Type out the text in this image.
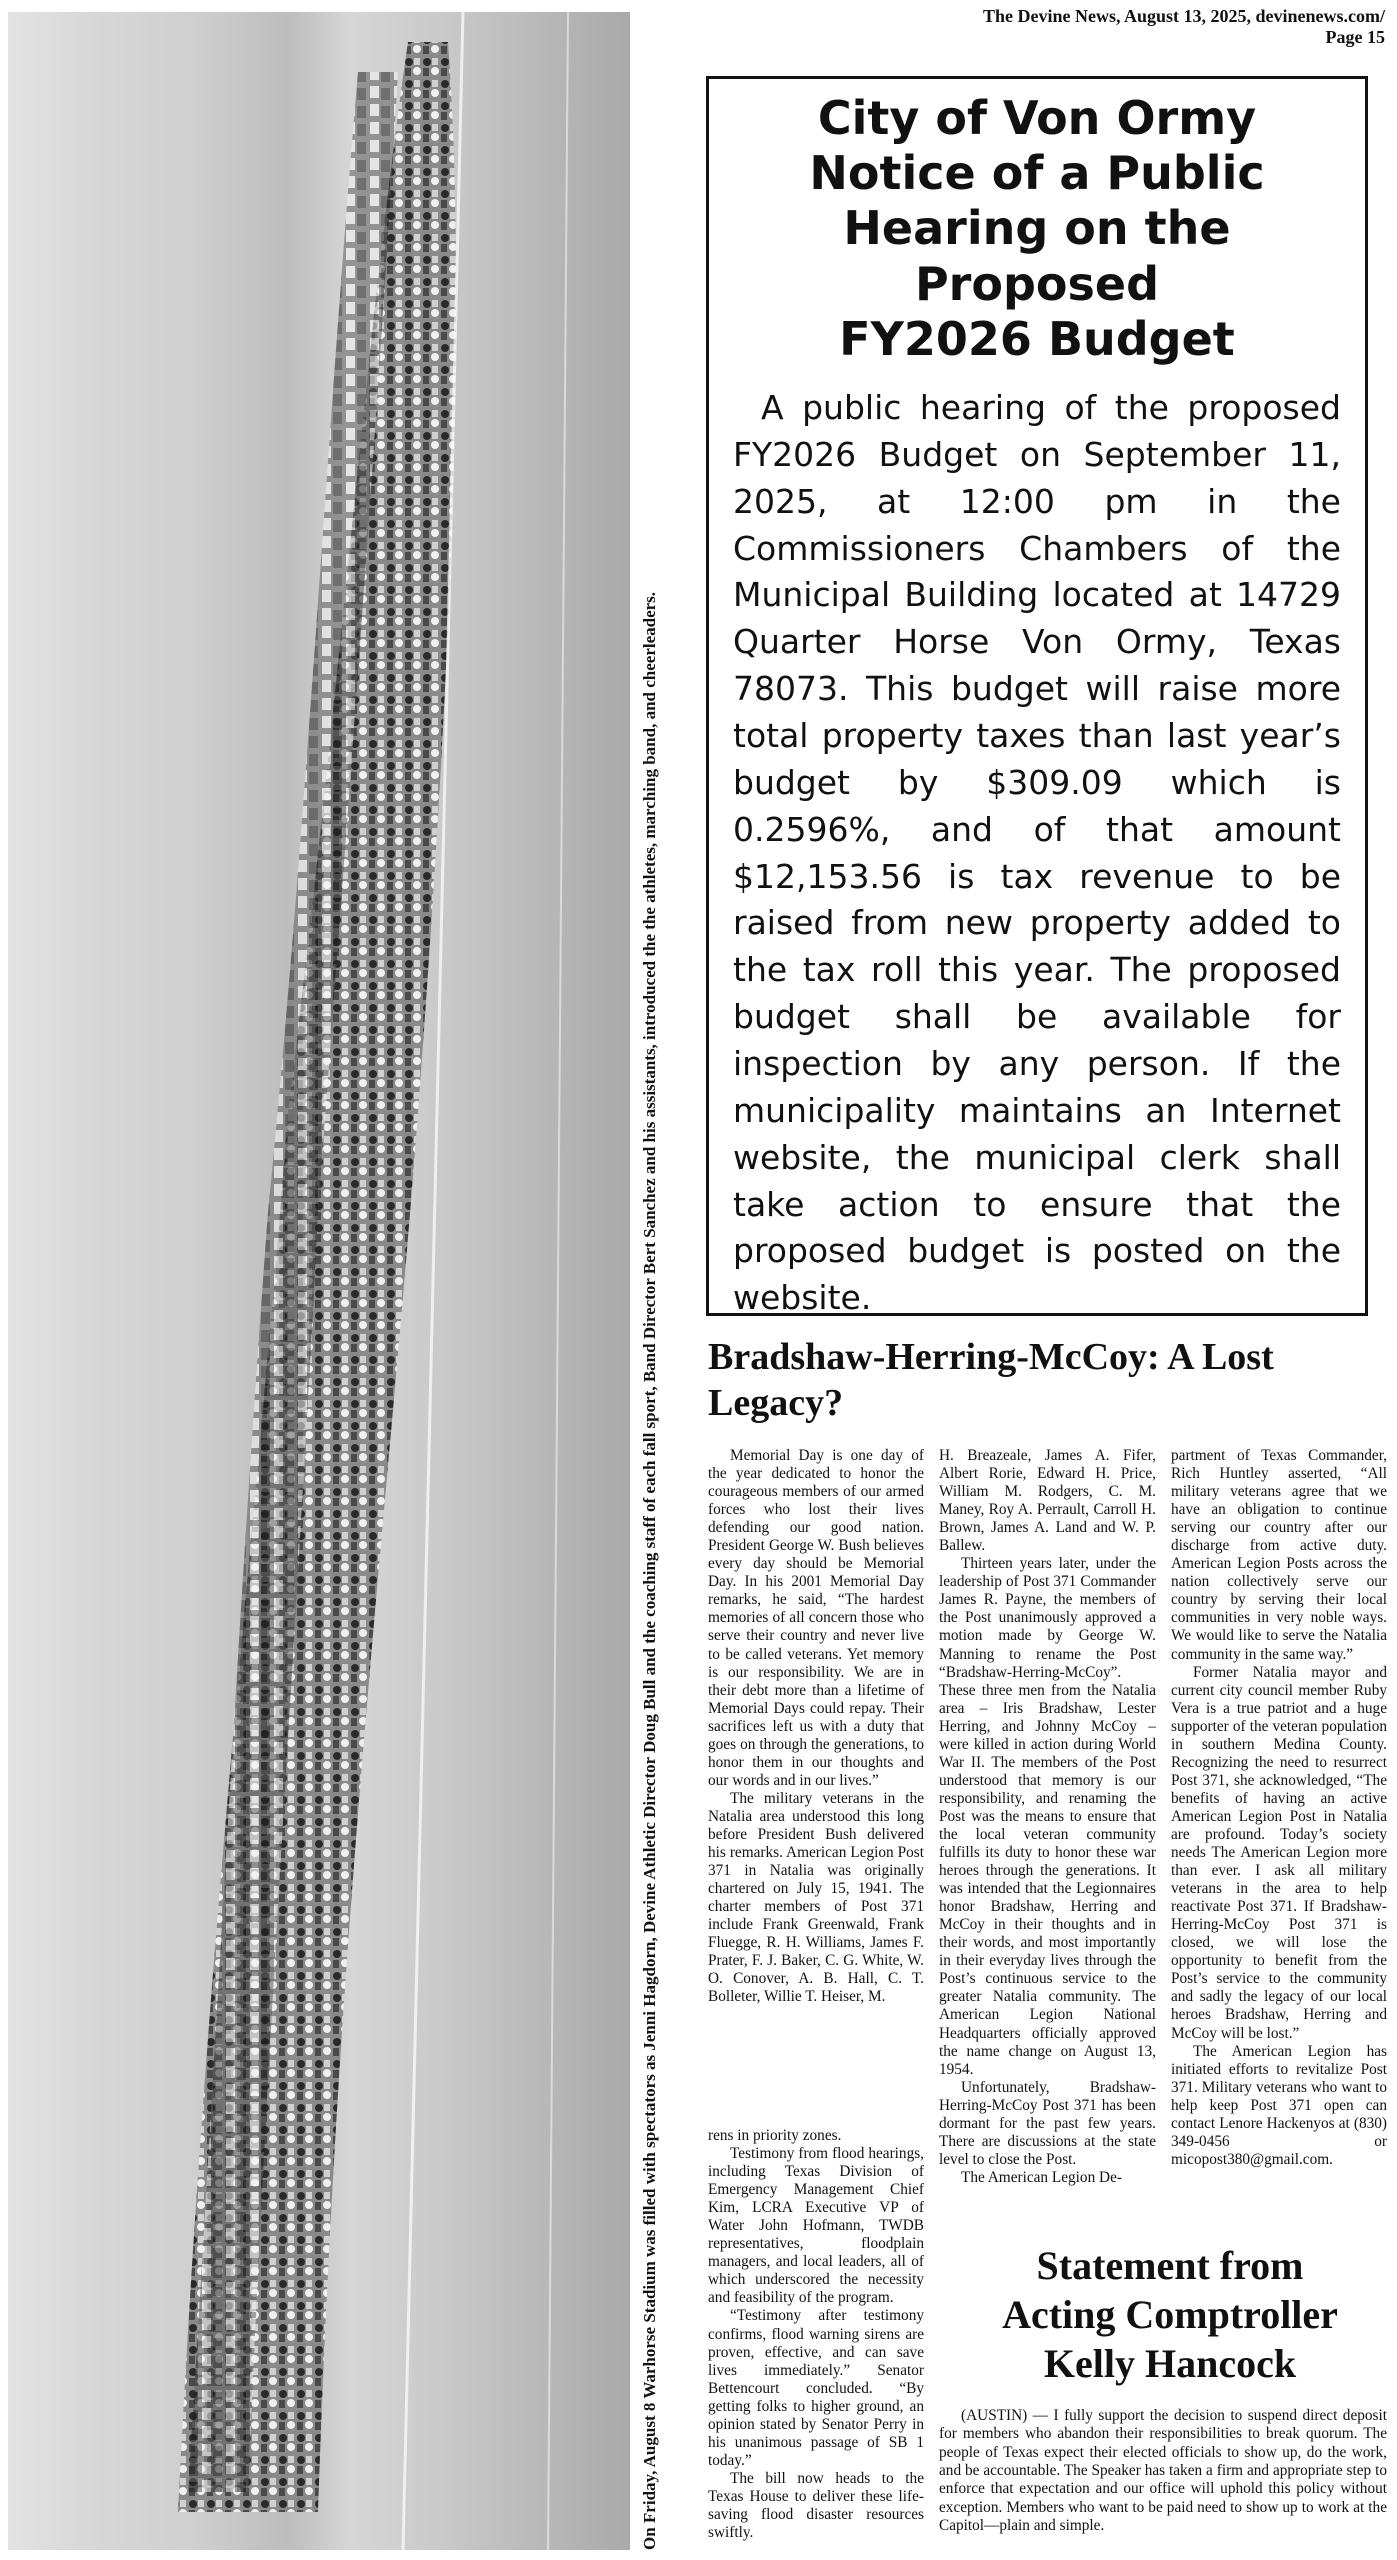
The Devine News, August 13, 2025, devinenews.com/ Page 15
On Friday, August 8 Warhorse Stadium was filled with spectators as Jenni Hagdorn, Devine Athletic Director Doug Bull and the coaching staff of each fall sport, Band Director Bert Sanchez and his assistants, introduced the the athletes, marching band, and cheerleaders.
City of Von Ormy
Notice of a Public
Hearing on the Proposed
FY2026 Budget
A public hearing of the proposed FY2026 Budget on September 11, 2025, at 12:00 pm in the Commissioners Chambers of the Municipal Building located at 14729 Quarter Horse Von Ormy, Texas 78073. This budget will raise more total property taxes than last year’s budget by $309.09 which is 0.2596%, and of that amount $12,153.56 is tax revenue to be raised from new property added to the tax roll this year. The proposed budget shall be available for inspection by any person. If the municipality maintains an Internet website, the municipal clerk shall take action to ensure that the proposed budget is posted on the website.
Bradshaw-Herring-McCoy: A Lost Legacy?

Memorial Day is one day of the year dedicated to honor the courageous members of our armed forces who lost their lives defending our good nation. President George W. Bush believes every day should be Memorial Day. In his 2001 Memorial Day remarks, he said, “The hardest memories of all concern those who serve their country and never live to be called veterans. Yet memory is our responsibility. We are in their debt more than a lifetime of Memorial Days could repay. Their sacrifices left us with a duty that goes on through the generations, to honor them in our thoughts and our words and in our lives.”

The military veterans in the Natalia area understood this long before President Bush delivered his remarks. American Legion Post 371 in Natalia was originally chartered on July 15, 1941. The charter members of Post 371 include Frank Greenwald, Frank Fluegge, R. H. Williams, James F. Prater, F. J. Baker, C. G. White, W. O. Conover, A. B. Hall, C. T. Bolleter, Willie T. Heiser, M.

H. Breazeale, James A. Fifer, Albert Rorie, Edward H. Price, William M. Rodgers, C. M. Maney, Roy A. Perrault, Carroll H. Brown, James A. Land and W. P. Ballew.

Thirteen years later, under the leadership of Post 371 Commander James R. Payne, the members of the Post unanimously approved a motion made by George W. Manning to rename the Post “Bradshaw-Herring-McCoy”. These three men from the Natalia area – Iris Bradshaw, Lester Herring, and Johnny McCoy – were killed in action during World War II. The members of the Post understood that memory is our responsibility, and renaming the Post was the means to ensure that the local veteran community fulfills its duty to honor these war heroes through the generations. It was intended that the Legionnaires honor Bradshaw, Herring and McCoy in their thoughts and in their words, and most importantly in their everyday lives through the Post’s continuous service to the greater Natalia community. The American Legion National Headquarters officially approved the name change on August 13, 1954.

Unfortunately, Bradshaw-Herring-McCoy Post 371 has been dormant for the past few years. There are discussions at the state level to close the Post.

The American Legion De-

partment of Texas Commander, Rich Huntley asserted, “All military veterans agree that we have an obligation to continue serving our country after our discharge from active duty. American Legion Posts across the nation collectively serve our country by serving their local communities in very noble ways. We would like to serve the Natalia community in the same way.”

Former Natalia mayor and current city council member Ruby Vera is a true patriot and a huge supporter of the veteran population in southern Medina County. Recognizing the need to resurrect Post 371, she acknowledged, “The benefits of having an active American Legion Post in Natalia are profound. Today’s society needs The American Legion more than ever. I ask all military veterans in the area to help reactivate Post 371. If Bradshaw-Herring-McCoy Post 371 is closed, we will lose the opportunity to benefit from the Post’s service to the community and sadly the legacy of our local heroes Bradshaw, Herring and McCoy will be lost.”

The American Legion has initiated efforts to revitalize Post 371. Military veterans who want to help keep Post 371 open can contact Lenore Hackenyos at (830) 349-0456 or micopost380@gmail.com.

rens in priority zones.

Testimony from flood hearings, including Texas Division of Emergency Management Chief Kim, LCRA Executive VP of Water John Hofmann, TWDB representatives, floodplain managers, and local leaders, all of which underscored the necessity and feasibility of the program.

“Testimony after testimony confirms, flood warning sirens are proven, effective, and can save lives immediately.” Senator Bettencourt concluded. “By getting folks to higher ground, an opinion stated by Senator Perry in his unanimous passage of SB 1 today.”

The bill now heads to the Texas House to deliver these life-saving flood disaster resources swiftly.

Statement from
Acting Comptroller
Kelly Hancock

(AUSTIN) — I fully support the decision to suspend direct deposit for members who abandon their responsibilities to break quorum. The people of Texas expect their elected officials to show up, do the work, and be accountable. The Speaker has taken a firm and appropriate step to enforce that expectation and our office will uphold this policy without exception. Members who want to be paid need to show up to work at the Capitol—plain and simple.
